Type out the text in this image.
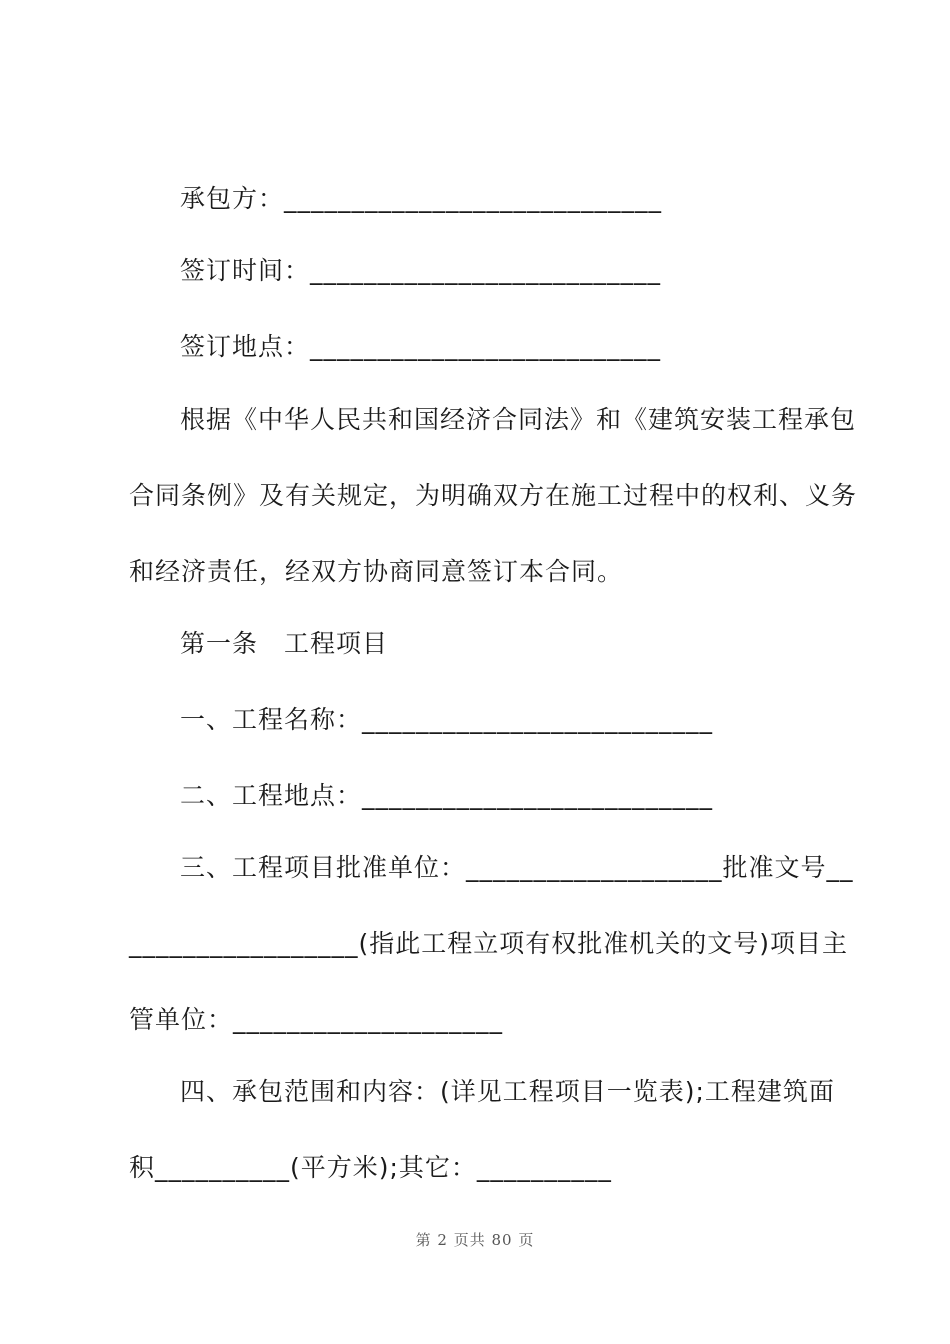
承包方：____________________________
签订时间：__________________________
签订地点：__________________________
根据《中华人民共和国经济合同法》和《建筑安装工程承包
合同条例》及有关规定，为明确双方在施工过程中的权利、义务
和经济责任，经双方协商同意签订本合同。
第一条　工程项目
一、工程名称：__________________________
二、工程地点：__________________________
三、工程项目批准单位：___________________批准文号__
_________________(指此工程立项有权批准机关的文号)项目主
管单位：____________________
四、承包范围和内容：(详见工程项目一览表);工程建筑面
积__________(平方米);其它：__________
第 2 页共 80 页
